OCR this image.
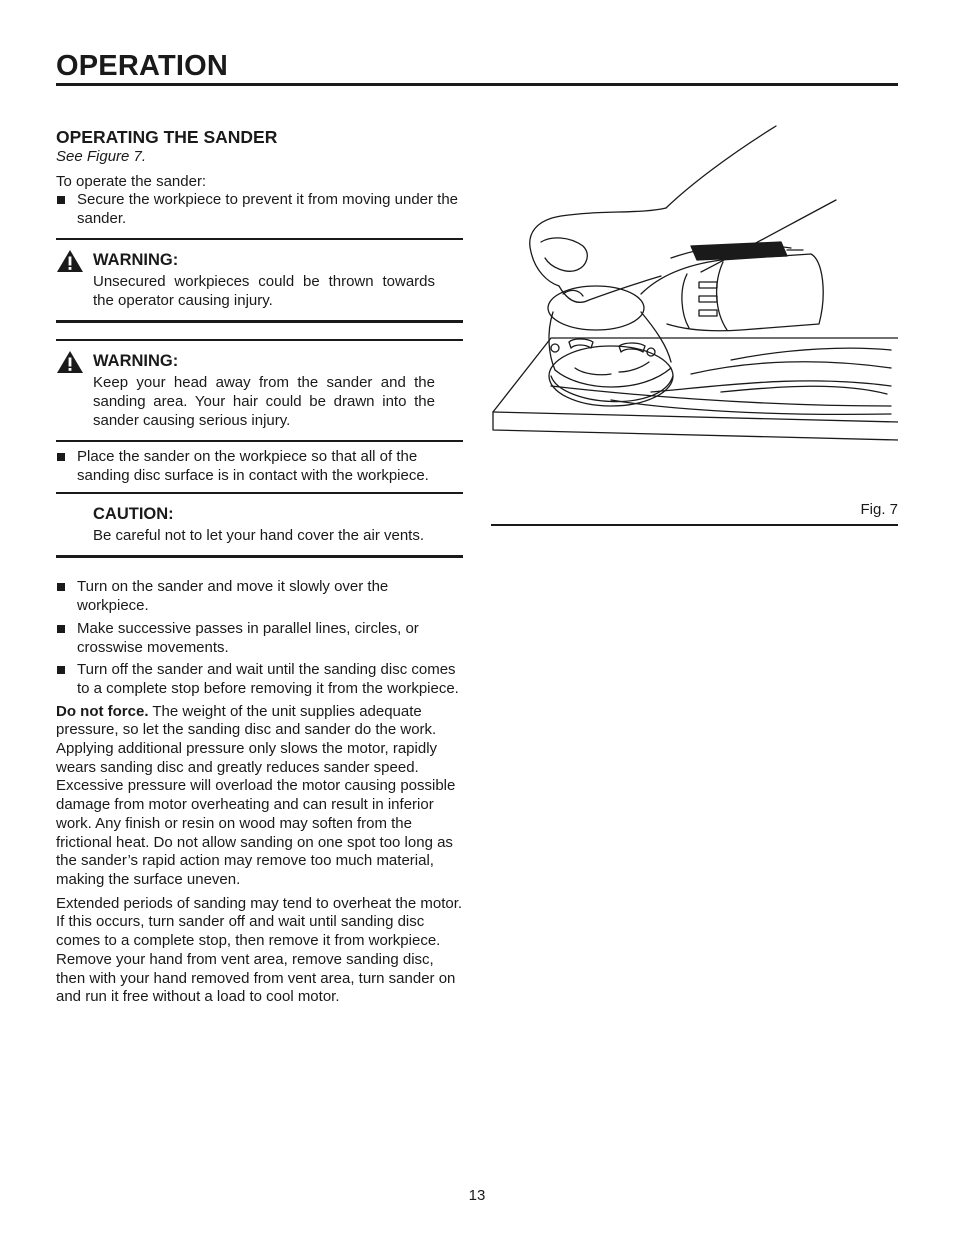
OPERATION
OPERATING THE SANDER

See Figure 7.

To operate the sander:

Secure the workpiece to prevent it from moving under the sander.

WARNING:

Unsecured workpieces could be thrown towards the operator causing injury.

WARNING:

Keep your head away from the sander and the sanding area. Your hair could be drawn into the sander causing serious injury.

Place the sander on the workpiece so that all of the sanding disc surface is in contact with the workpiece.

CAUTION:

Be careful not to let your hand cover the air vents.

Turn on the sander and move it slowly over the workpiece.
Make successive passes in parallel lines, circles, or crosswise movements.
Turn off the sander and wait until the sanding disc comes to a complete stop before removing it from the workpiece.

Do not force. The weight of the unit supplies adequate pressure, so let the sanding disc and sander do the work. Applying additional pressure only slows the motor, rapidly wears sanding disc and greatly reduces sander speed. Excessive pressure will overload the motor causing possible damage from motor overheating and can result in inferior work. Any finish or resin on wood may soften from the frictional heat. Do not allow sanding on one spot too long as the sander’s rapid action may remove too much material, making the surface uneven.

Extended periods of sanding may tend to overheat the motor. If this occurs, turn sander off and wait until sanding disc comes to a complete stop, then remove it from workpiece. Remove your hand from vent area, remove sanding disc, then with your hand removed from vent area, turn sander on and run it free without a load to cool motor.

Fig. 7
13
